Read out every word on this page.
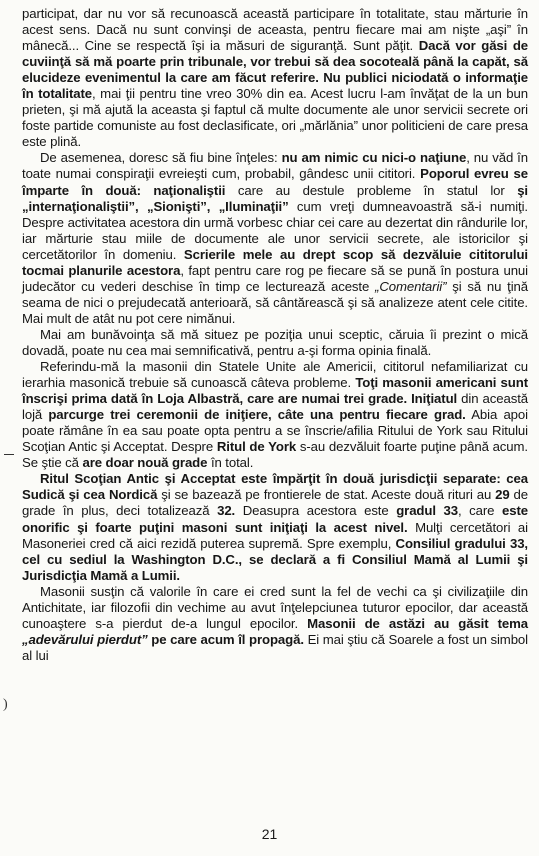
participat, dar nu vor să recunoască această participare în totalitate, stau mărturie în acest sens. Dacă nu sunt convinşi de aceasta, pentru fiecare mai am nişte „aşi” în mânecă... Cine se respectă îşi ia măsuri de siguranţă. Sunt păţit. Dacă vor găsi de cuviinţă să mă poarte prin tribunale, vor trebui să dea socoteală până la capăt, să elucideze evenimentul la care am făcut referire. Nu publici niciodată o informaţie în totalitate, mai ţii pentru tine vreo 30% din ea. Acest lucru l-am învăţat de la un bun prieten, şi mă ajută la aceasta şi faptul că multe documente ale unor servicii secrete ori foste partide comuniste au fost declasificate, ori „mărlănia” unor politicieni de care presa este plină.

De asemenea, doresc să fiu bine înţeles: nu am nimic cu nici-o naţiune, nu văd în toate numai conspiraţii evreieşti cum, probabil, gândesc unii cititori. Poporul evreu se împarte în două: naţionaliştii care au destule probleme în statul lor şi „internaţionaliştii”, „Sionişti”, „Iluminaţii” cum vreţi dumneavoastră să-i numiţi. Despre activitatea acestora din urmă vorbesc chiar cei care au dezertat din rândurile lor, iar mărturie stau miile de documente ale unor servicii secrete, ale istoricilor şi cercetătorilor în domeniu. Scrierile mele au drept scop să dezvăluie cititorului tocmai planurile acestora, fapt pentru care rog pe fiecare să se pună în postura unui judecător cu vederi deschise în timp ce lecturează aceste „Comentarii” şi să nu ţină seama de nici o prejudecată anterioară, să cântărească şi să analizeze atent cele citite. Mai mult de atât nu pot cere nimănui.

Mai am bunăvoinţa să mă situez pe poziţia unui sceptic, căruia îi prezint o mică dovadă, poate nu cea mai semnificativă, pentru a-şi forma opinia finală.

Referindu-mă la masonii din Statele Unite ale Americii, cititorul nefamiliarizat cu ierarhia masonică trebuie să cunoască câteva probleme. Toţi masonii americani sunt înscrişi prima dată în Loja Albastră, care are numai trei grade. Iniţiatul din această lojă parcurge trei ceremonii de iniţiere, câte una pentru fiecare grad. Abia apoi poate rămâne în ea sau poate opta pentru a se înscrie/afilia Ritului de York sau Ritului Scoţian Antic şi Acceptat. Despre Ritul de York s-au dezvăluit foarte puţine până acum. Se ştie că are doar nouă grade în total.

Ritul Scoţian Antic şi Acceptat este împărţit în două jurisdicţii separate: cea Sudică şi cea Nordică şi se bazează pe frontierele de stat. Aceste două rituri au 29 de grade în plus, deci totalizează 32. Deasupra acestora este gradul 33, care este onorific şi foarte puţini masoni sunt iniţiaţi la acest nivel. Mulţi cercetători ai Masoneriei cred că aici rezidă puterea supremă. Spre exemplu, Consiliul gradului 33, cel cu sediul la Washington D.C., se declară a fi Consiliul Mamă al Lumii şi Jurisdicţia Mamă a Lumii.

Masonii susţin că valorile în care ei cred sunt la fel de vechi ca şi civilizaţiile din Antichitate, iar filozofii din vechime au avut înţelepciunea tuturor epocilor, dar această cunoaştere s-a pierdut de-a lungul epocilor. Masonii de astăzi au găsit tema „adevărului pierdut” pe care acum îl propagă. Ei mai ştiu că Soarele a fost un simbol al lui

)
21
